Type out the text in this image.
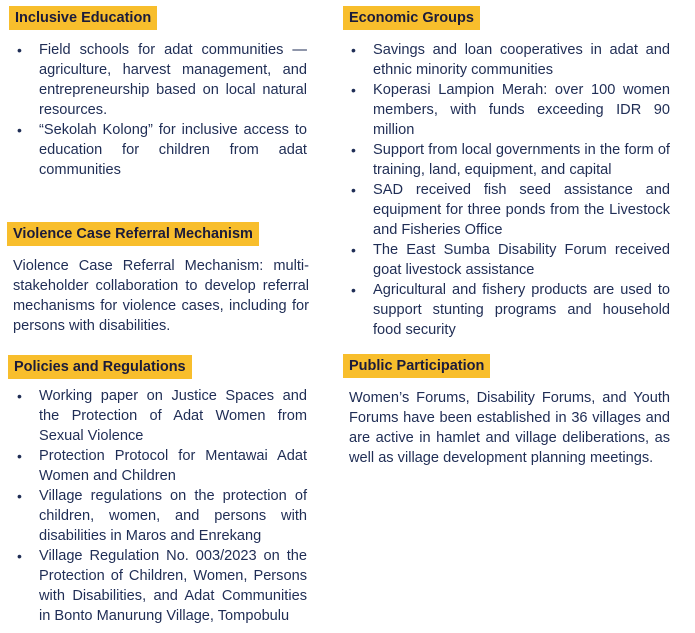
Inclusive Education
• Field schools for adat communities — agriculture, harvest management, and entrepreneurship based on local natural resources.
• “Sekolah Kolong” for inclusive access to education for children from adat communities
Violence Case Referral Mechanism
Violence Case Referral Mechanism: multi-stakeholder collaboration to develop referral mechanisms for violence cases, including for persons with disabilities.
Policies and Regulations
• Working paper on Justice Spaces and the Protection of Adat Women from Sexual Violence
• Protection Protocol for Mentawai Adat Women and Children
• Village regulations on the protection of children, women, and persons with disabilities in Maros and Enrekang
• Village Regulation No. 003/2023 on the Protection of Children, Women, Persons with Disabilities, and Adat Communities in Bonto Manurung Village, Tompobulu
Economic Groups
• Savings and loan cooperatives in adat and ethnic minority communities
• Koperasi Lampion Merah: over 100 women members, with funds exceeding IDR 90 million
• Support from local governments in the form of training, land, equipment, and capital
• SAD received fish seed assistance and equipment for three ponds from the Livestock and Fisheries Office
• The East Sumba Disability Forum received goat livestock assistance
• Agricultural and fishery products are used to support stunting programs and household food security
Public Participation
Women’s Forums, Disability Forums, and Youth Forums have been established in 36 villages and are active in hamlet and village deliberations, as well as village development planning meetings.
